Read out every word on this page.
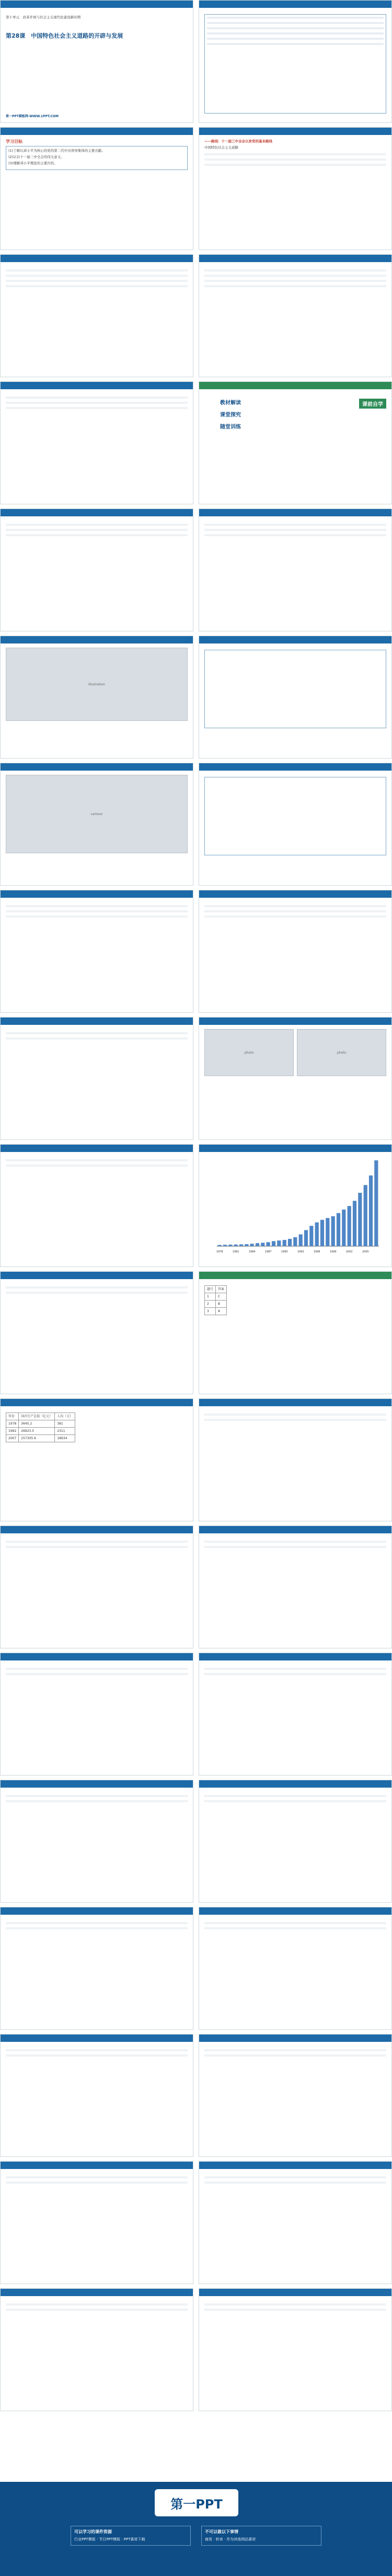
第十单元　改革开放与社会主义现代化建设新时期
第28课　中国特色社会主义道路的开辟与发展
第一PPT模板网-WWW.1PPT.COM
学习目标
(1)了解以邓小平为核心的党的第二代中央领导集体的主要贡献。
(2)认识十一届三中全会的伟大意义。
(3)理解邓小平理论的主要内容。
——路线：十一届三中全会以来党的基本路线
中国特色社会主义道路
教材解读
课堂探究
随堂训练
课前自学
illustration
cartoon
photo	photo
1978	1981	1984	1987	1990	1993	1996	1999	2002	2005
题号	答案
1	C
2	B
3	A
年份	国内生产总值（亿元）	人均（元）
1978	3645.2	381
1992	26923.5	2311
2007	257305.6	18934
第一PPT
可以学习的课件资源
行业PPT模板 · 节日PPT模板 · PPT素材下载
不可以做以下事情
商用 · 转卖 · 作为其他网站素材
